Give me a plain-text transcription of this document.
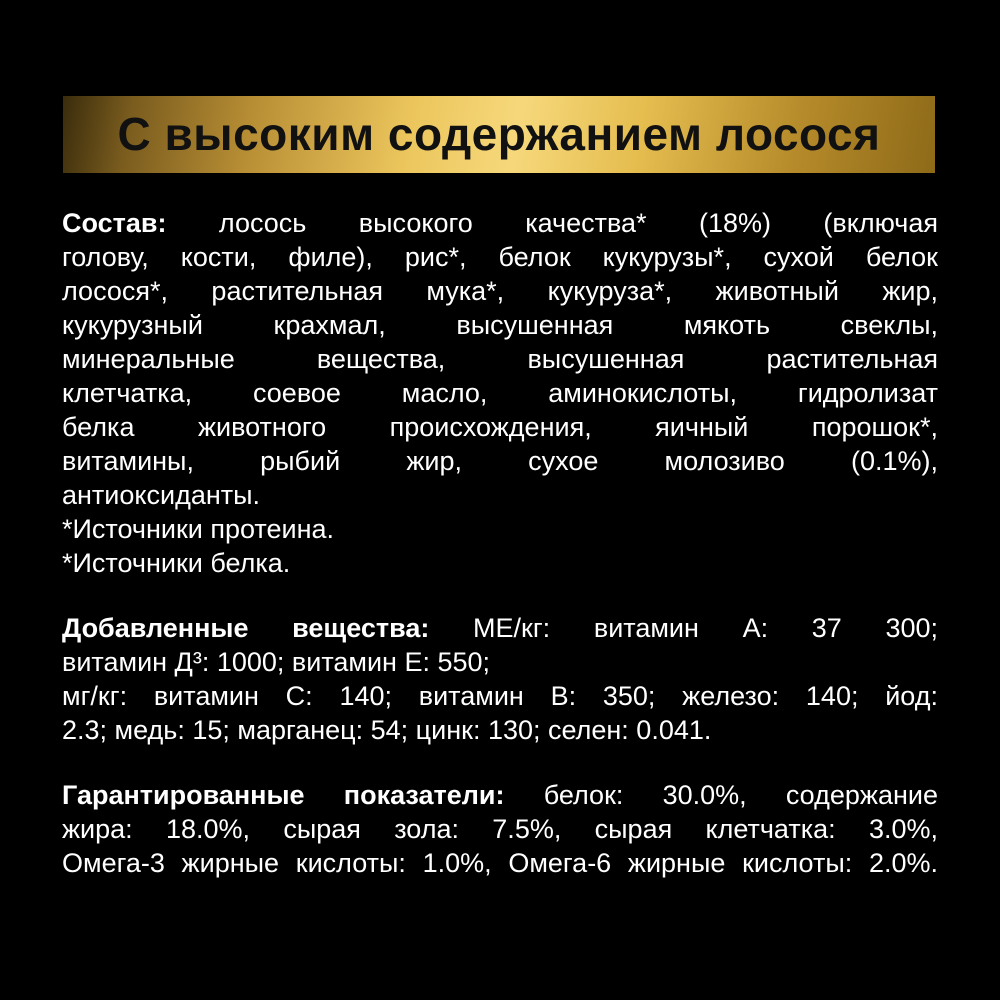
С высоким содержанием лосося
Состав: лосось высокого качества* (18%) (включая
голову, кости, филе), рис*, белок кукурузы*, сухой белок
лосося*, растительная мука*, кукуруза*, животный жир,
кукурузный крахмал, высушенная мякоть свеклы,
минеральные вещества, высушенная растительная
клетчатка, соевое масло, аминокислоты, гидролизат
белка животного происхождения, яичный порошок*,
витамины, рыбий жир, сухое молозиво (0.1%),
антиоксиданты.
*Источники протеина.
*Источники белка.
Добавленные вещества: МЕ/кг: витамин А: 37 300;
витамин Д³: 1000; витамин Е: 550;
мг/кг: витамин С: 140; витамин В: 350; железо: 140; йод:
2.3; медь: 15; марганец: 54; цинк: 130; селен: 0.041.
Гарантированные показатели: белок: 30.0%, содержание
жира: 18.0%, сырая зола: 7.5%, сырая клетчатка: 3.0%,
Омега-3 жирные кислоты: 1.0%, Омега-6 жирные кислоты: 2.0%.
